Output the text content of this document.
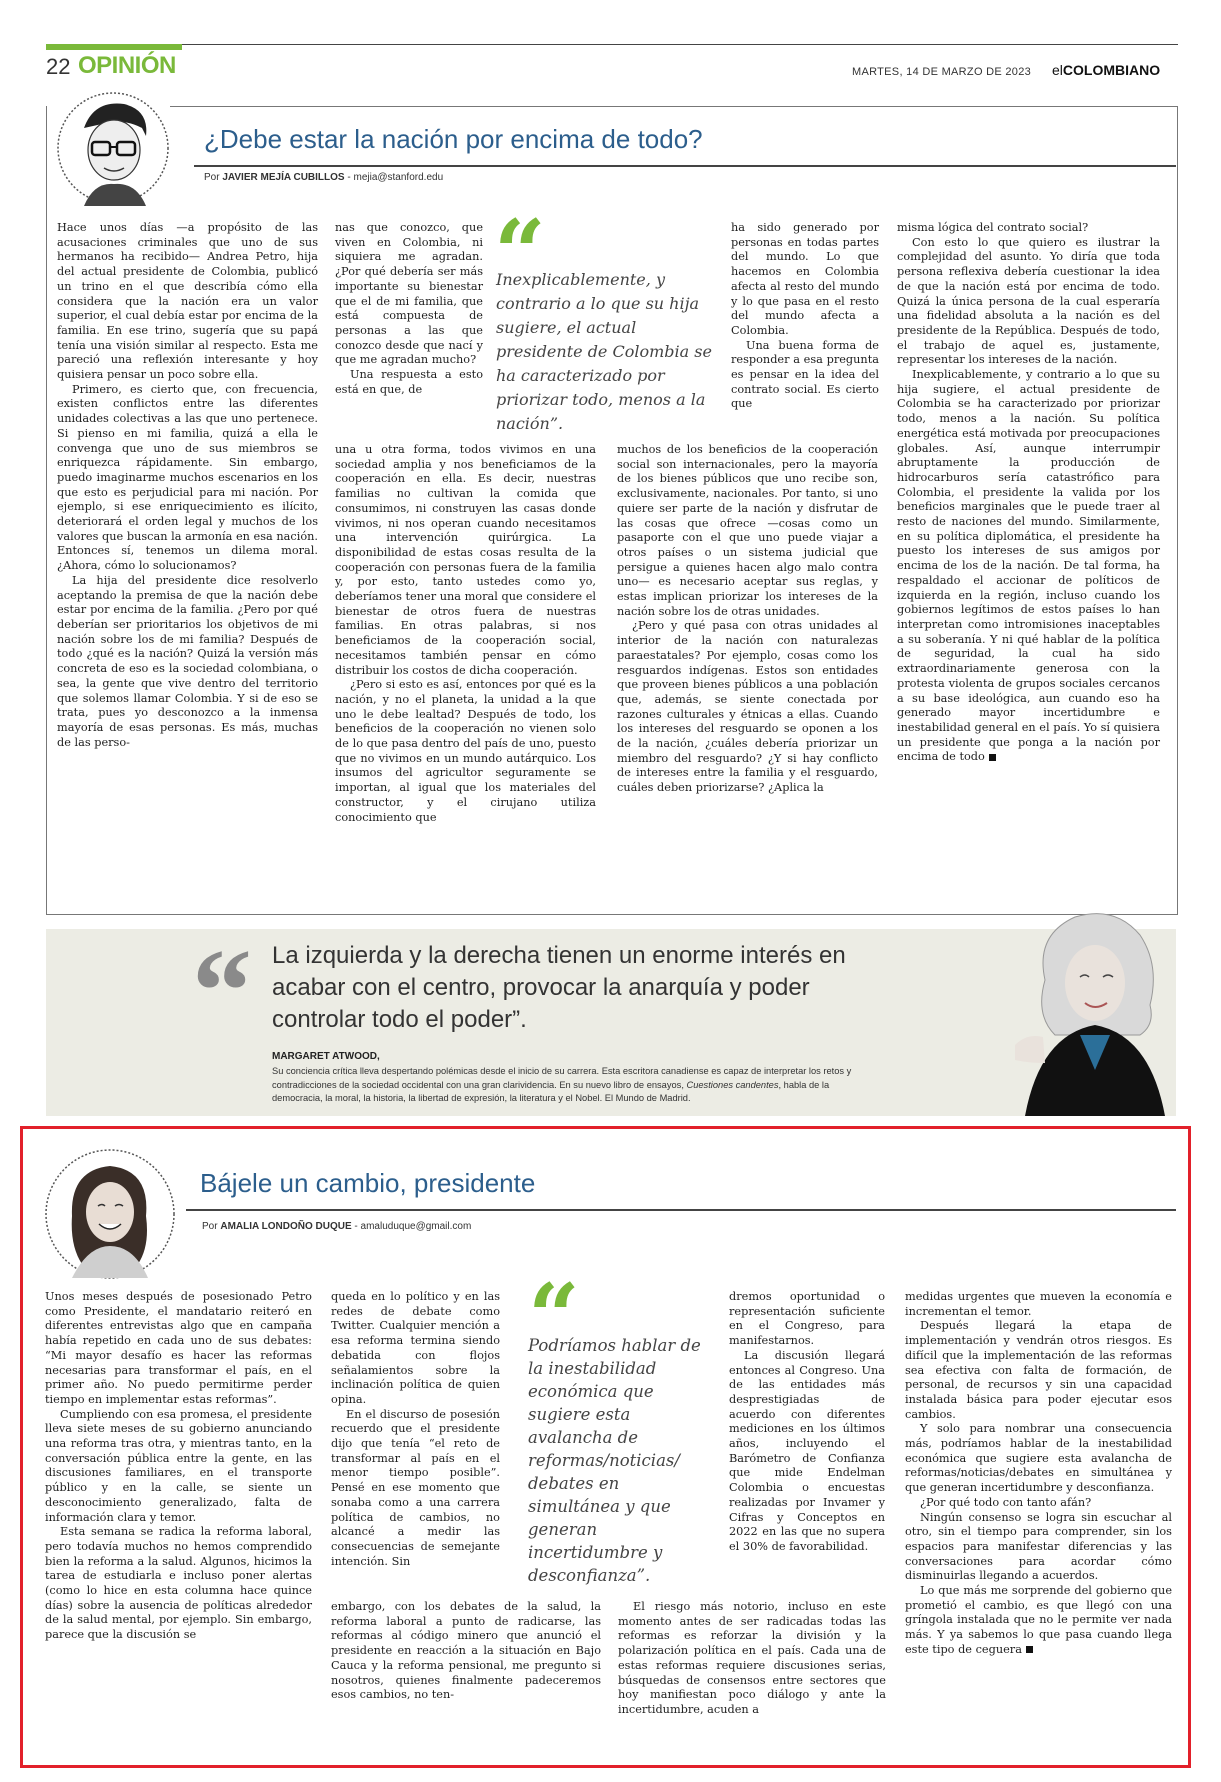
22 OPINIÓN	MARTES, 14 DE MARZO DE 2023 elCOLOMBIANO
¿Debe estar la nación por encima de todo?
Por JAVIER MEJÍA CUBILLOS - mejia@stanford.edu

Hace unos días —a propósito de las acusaciones criminales que uno de sus hermanos ha recibido— Andrea Petro, hija del actual presidente de Colombia, publicó un trino en el que describía cómo ella considera que la nación era un valor superior, el cual debía estar por encima de la familia. En ese trino, sugería que su papá tenía una visión similar al respecto. Esta me pareció una reflexión interesante y hoy quisiera pensar un poco sobre ella.

Primero, es cierto que, con frecuencia, existen conflictos entre las diferentes unidades colectivas a las que uno pertenece. Si pienso en mi familia, quizá a ella le convenga que uno de sus miembros se enriquezca rápidamente. Sin embargo, puedo imaginarme muchos escenarios en los que esto es perjudicial para mi nación. Por ejemplo, si ese enriquecimiento es ilícito, deteriorará el orden legal y muchos de los valores que buscan la armonía en esa nación. Entonces sí, tenemos un dilema moral. ¿Ahora, cómo lo solucionamos?

La hija del presidente dice resolverlo aceptando la premisa de que la nación debe estar por encima de la familia. ¿Pero por qué deberían ser prioritarios los objetivos de mi nación sobre los de mi familia? Después de todo ¿qué es la nación? Quizá la versión más concreta de eso es la sociedad colombiana, o sea, la gente que vive dentro del territorio que solemos llamar Colombia. Y si de eso se trata, pues yo desconozco a la inmensa mayoría de esas personas. Es más, muchas de las perso-

nas que conozco, que viven en Colombia, ni siquiera me agradan. ¿Por qué debería ser más importante su bienestar que el de mi familia, que está compuesta de personas a las que conozco desde que nací y que me agradan mucho?

Una respuesta a esto está en que, de

“
Inexplicablemente, y contrario a lo que su hija sugiere, el actual presidente de Colombia se ha caracterizado por priorizar todo, menos a la nación”.

una u otra forma, todos vivimos en una sociedad amplia y nos beneficiamos de la cooperación en ella. Es decir, nuestras familias no cultivan la comida que consumimos, ni construyen las casas donde vivimos, ni nos operan cuando necesitamos una intervención quirúrgica. La disponibilidad de estas cosas resulta de la cooperación con personas fuera de la familia y, por esto, tanto ustedes como yo, deberíamos tener una moral que considere el bienestar de otros fuera de nuestras familias. En otras palabras, si nos beneficiamos de la cooperación social, necesitamos también pensar en cómo distribuir los costos de dicha cooperación.

¿Pero si esto es así, entonces por qué es la nación, y no el planeta, la unidad a la que uno le debe lealtad? Después de todo, los beneficios de la cooperación no vienen solo de lo que pasa dentro del país de uno, puesto que no vivimos en un mundo autárquico. Los insumos del agricultor seguramente se importan, al igual que los materiales del constructor, y el cirujano utiliza conocimiento que

ha sido generado por personas en todas partes del mundo. Lo que hacemos en Colombia afecta al resto del mundo y lo que pasa en el resto del mundo afecta a Colombia.

Una buena forma de responder a esa pregunta es pensar en la idea del contrato social. Es cierto que

muchos de los beneficios de la cooperación social son internacionales, pero la mayoría de los bienes públicos que uno recibe son, exclusivamente, nacionales. Por tanto, si uno quiere ser parte de la nación y disfrutar de las cosas que ofrece —cosas como un pasaporte con el que uno puede viajar a otros países o un sistema judicial que persigue a quienes hacen algo malo contra uno— es necesario aceptar sus reglas, y estas implican priorizar los intereses de la nación sobre los de otras unidades.

¿Pero y qué pasa con otras unidades al interior de la nación con naturalezas paraestatales? Por ejemplo, cosas como los resguardos indígenas. Estos son entidades que proveen bienes públicos a una población que, además, se siente conectada por razones culturales y étnicas a ellas. Cuando los intereses del resguardo se oponen a los de la nación, ¿cuáles debería priorizar un miembro del resguardo? ¿Y si hay conflicto de intereses entre la familia y el resguardo, cuáles deben priorizarse? ¿Aplica la

misma lógica del contrato social?

Con esto lo que quiero es ilustrar la complejidad del asunto. Yo diría que toda persona reflexiva debería cuestionar la idea de que la nación está por encima de todo. Quizá la única persona de la cual esperaría una fidelidad absoluta a la nación es del presidente de la República. Después de todo, el trabajo de aquel es, justamente, representar los intereses de la nación.

Inexplicablemente, y contrario a lo que su hija sugiere, el actual presidente de Colombia se ha caracterizado por priorizar todo, menos a la nación. Su política energética está motivada por preocupaciones globales. Así, aunque interrumpir abruptamente la producción de hidrocarburos sería catastrófico para Colombia, el presidente la valida por los beneficios marginales que le puede traer al resto de naciones del mundo. Similarmente, en su política diplomática, el presidente ha puesto los intereses de sus amigos por encima de los de la nación. De tal forma, ha respaldado el accionar de políticos de izquierda en la región, incluso cuando los gobiernos legítimos de estos países lo han interpretan como intromisiones inaceptables a su soberanía. Y ni qué hablar de la política de seguridad, la cual ha sido extraordinariamente generosa con la protesta violenta de grupos sociales cercanos a su base ideológica, aun cuando eso ha generado mayor incertidumbre e inestabilidad general en el país. Yo sí quisiera un presidente que ponga a la nación por encima de todo

“ La izquierda y la derecha tienen un enorme interés en acabar con el centro, provocar la anarquía y poder controlar todo el poder”.
MARGARET ATWOOD,
Su conciencia crítica lleva despertando polémicas desde el inicio de su carrera. Esta escritora canadiense es capaz de interpretar los retos y contradicciones de la sociedad occidental con una gran clarividencia. En su nuevo libro de ensayos, Cuestiones candentes, habla de la democracia, la moral, la historia, la libertad de expresión, la literatura y el Nobel. El Mundo de Madrid.
Bájele un cambio, presidente
Por AMALIA LONDOÑO DUQUE - amaluduque@gmail.com

Unos meses después de posesionado Petro como Presidente, el mandatario reiteró en diferentes entrevistas algo que en campaña había repetido en cada uno de sus debates: “Mi mayor desafío es hacer las reformas necesarias para transformar el país, en el primer año. No puedo permitirme perder tiempo en implementar estas reformas”.

Cumpliendo con esa promesa, el presidente lleva siete meses de su gobierno anunciando una reforma tras otra, y mientras tanto, en la conversación pública entre la gente, en las discusiones familiares, en el transporte público y en la calle, se siente un desconocimiento generalizado, falta de información clara y temor.

Esta semana se radica la reforma laboral, pero todavía muchos no hemos comprendido bien la reforma a la salud. Algunos, hicimos la tarea de estudiarla e incluso poner alertas (como lo hice en esta columna hace quince días) sobre la ausencia de políticas alrededor de la salud mental, por ejemplo. Sin embargo, parece que la discusión se

queda en lo político y en las redes de debate como Twitter. Cualquier mención a esa reforma termina siendo debatida con flojos señalamientos sobre la inclinación política de quien opina.

En el discurso de posesión recuerdo que el presidente dijo que tenía “el reto de transformar al país en el menor tiempo posible”. Pensé en ese momento que sonaba como a una carrera política de cambios, no alcancé a medir las consecuencias de semejante intención. Sin

“
Podríamos hablar de la inestabilidad económica que sugiere esta avalancha de reformas/noticias/ debates en simultánea y que generan incertidumbre y desconfianza”.

embargo, con los debates de la salud, la reforma laboral a punto de radicarse, las reformas al código minero que anunció el presidente en reacción a la situación en Bajo Cauca y la reforma pensional, me pregunto si nosotros, quienes finalmente padeceremos esos cambios, no ten-

dremos oportunidad o representación suficiente en el Congreso, para manifestarnos.

La discusión llegará entonces al Congreso. Una de las entidades más desprestigiadas de acuerdo con diferentes mediciones en los últimos años, incluyendo el Barómetro de Confianza que mide Endelman Colombia o encuestas realizadas por Invamer y Cifras y Conceptos en 2022 en las que no supera el 30% de favorabilidad.

El riesgo más notorio, incluso en este momento antes de ser radicadas todas las reformas es reforzar la división y la polarización política en el país. Cada una de estas reformas requiere discusiones serias, búsquedas de consensos entre sectores que hoy manifiestan poco diálogo y ante la incertidumbre, acuden a

medidas urgentes que mueven la economía e incrementan el temor.

Después llegará la etapa de implementación y vendrán otros riesgos. Es difícil que la implementación de las reformas sea efectiva con falta de formación, de personal, de recursos y sin una capacidad instalada básica para poder ejecutar esos cambios.

Y solo para nombrar una consecuencia más, podríamos hablar de la inestabilidad económica que sugiere esta avalancha de reformas/noticias/debates en simultánea y que generan incertidumbre y desconfianza.

¿Por qué todo con tanto afán?

Ningún consenso se logra sin escuchar al otro, sin el tiempo para comprender, sin los espacios para manifestar diferencias y las conversaciones para acordar cómo disminuirlas llegando a acuerdos.

Lo que más me sorprende del gobierno que prometió el cambio, es que llegó con una gríngola instalada que no le permite ver nada más. Y ya sabemos lo que pasa cuando llega este tipo de ceguera
